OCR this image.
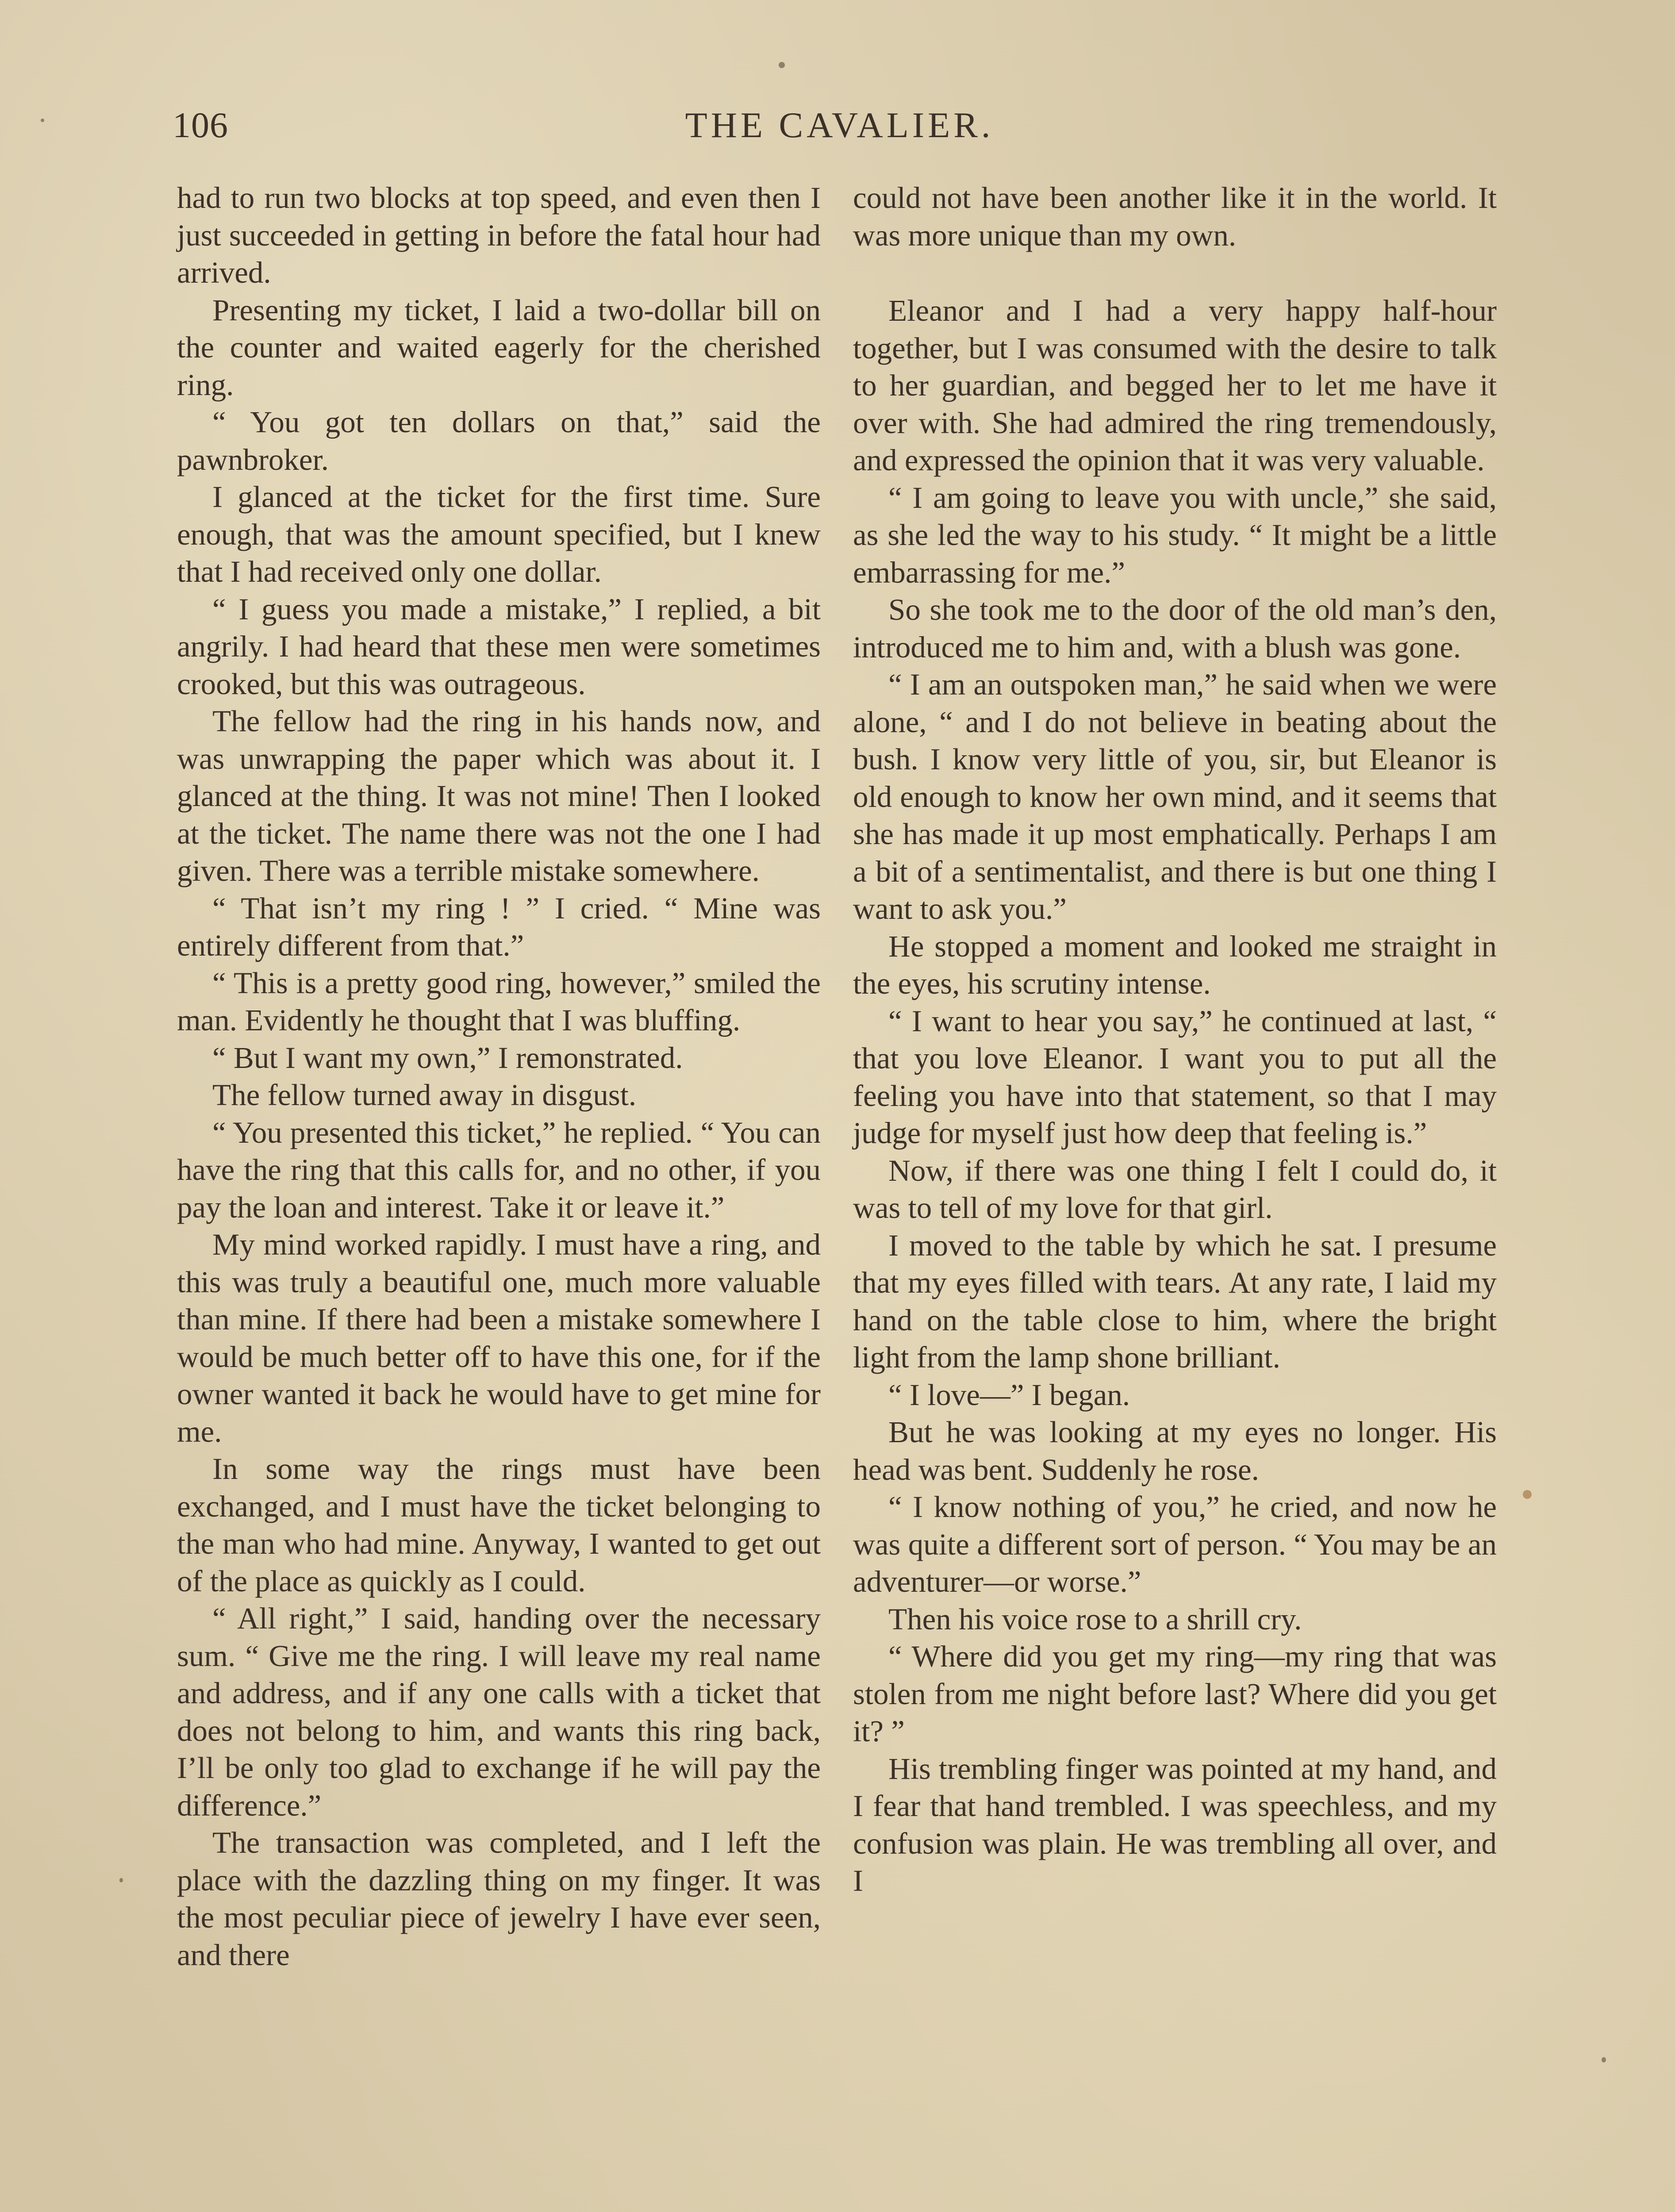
106	THE CAVALIER.

had to run two blocks at top speed, and even then I just succeeded in getting in before the fatal hour had arrived.

Presenting my ticket, I laid a two-dollar bill on the counter and waited eagerly for the cherished ring.

“ You got ten dollars on that,” said the pawnbroker.

I glanced at the ticket for the first time. Sure enough, that was the amount specified, but I knew that I had received only one dollar.

“ I guess you made a mistake,” I replied, a bit angrily. I had heard that these men were sometimes crooked, but this was outrageous.

The fellow had the ring in his hands now, and was unwrapping the paper which was about it. I glanced at the thing. It was not mine! Then I looked at the ticket. The name there was not the one I had given. There was a terrible mistake somewhere.

“ That isn’t my ring ! ” I cried. “ Mine was entirely different from that.”

“ This is a pretty good ring, however,” smiled the man. Evidently he thought that I was bluffing.

“ But I want my own,” I remonstrated.

The fellow turned away in disgust.

“ You presented this ticket,” he replied. “ You can have the ring that this calls for, and no other, if you pay the loan and interest. Take it or leave it.”

My mind worked rapidly. I must have a ring, and this was truly a beautiful one, much more valuable than mine. If there had been a mistake somewhere I would be much better off to have this one, for if the owner wanted it back he would have to get mine for me.

In some way the rings must have been exchanged, and I must have the ticket belonging to the man who had mine. Anyway, I wanted to get out of the place as quickly as I could.

“ All right,” I said, handing over the necessary sum. “ Give me the ring. I will leave my real name and address, and if any one calls with a ticket that does not belong to him, and wants this ring back, I’ll be only too glad to exchange if he will pay the difference.”

The transaction was completed, and I left the place with the dazzling thing on my finger. It was the most peculiar piece of jewelry I have ever seen, and there

could not have been another like it in the world. It was more unique than my own.

Eleanor and I had a very happy half-hour together, but I was consumed with the desire to talk to her guardian, and begged her to let me have it over with. She had admired the ring tremendously, and expressed the opinion that it was very valuable.

“ I am going to leave you with uncle,” she said, as she led the way to his study. “ It might be a little embarrassing for me.”

So she took me to the door of the old man’s den, introduced me to him and, with a blush was gone.

“ I am an outspoken man,” he said when we were alone, “ and I do not believe in beating about the bush. I know very little of you, sir, but Eleanor is old enough to know her own mind, and it seems that she has made it up most emphatically. Perhaps I am a bit of a sentimentalist, and there is but one thing I want to ask you.”

He stopped a moment and looked me straight in the eyes, his scrutiny intense.

“ I want to hear you say,” he continued at last, “ that you love Eleanor. I want you to put all the feeling you have into that statement, so that I may judge for myself just how deep that feeling is.”

Now, if there was one thing I felt I could do, it was to tell of my love for that girl.

I moved to the table by which he sat. I presume that my eyes filled with tears. At any rate, I laid my hand on the table close to him, where the bright light from the lamp shone brilliant.

“ I love—” I began.

But he was looking at my eyes no longer. His head was bent. Suddenly he rose.

“ I know nothing of you,” he cried, and now he was quite a different sort of person. “ You may be an adventurer—or worse.”

Then his voice rose to a shrill cry.

“ Where did you get my ring—my ring that was stolen from me night before last? Where did you get it? ”

His trembling finger was pointed at my hand, and I fear that hand trembled. I was speechless, and my confusion was plain. He was trembling all over, and I
